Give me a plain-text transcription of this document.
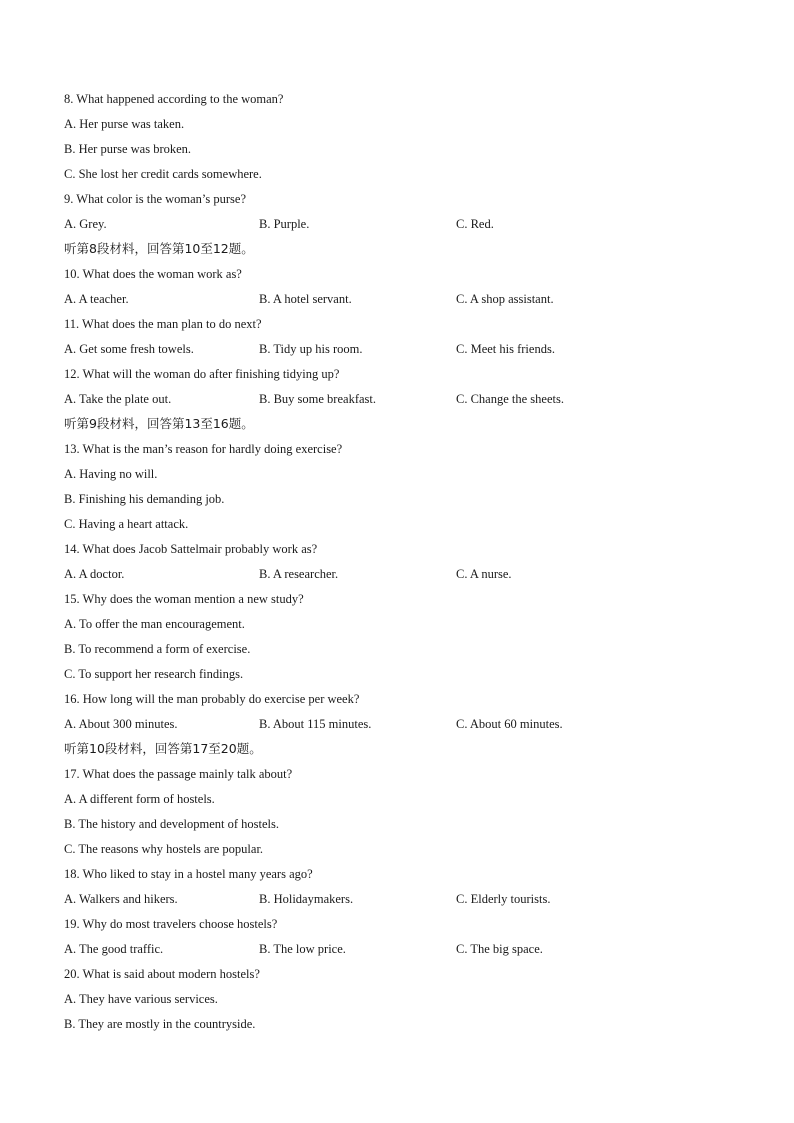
8. What happened according to the woman?
A. Her purse was taken.
B. Her purse was broken.
C. She lost her credit cards somewhere.
9. What color is the woman’s purse?
A. Grey.	B. Purple.	C. Red.
听第8段材料，回答第10至12题。
10. What does the woman work as?
A. A teacher.	B. A hotel servant.	C. A shop assistant.
11. What does the man plan to do next?
A. Get some fresh towels.	B. Tidy up his room.	C. Meet his friends.
12. What will the woman do after finishing tidying up?
A. Take the plate out.	B. Buy some breakfast.	C. Change the sheets.
听第9段材料，回答第13至16题。
13. What is the man’s reason for hardly doing exercise?
A. Having no will.
B. Finishing his demanding job.
C. Having a heart attack.
14. What does Jacob Sattelmair probably work as?
A. A doctor.	B. A researcher.	C. A nurse.
15. Why does the woman mention a new study?
A. To offer the man encouragement.
B. To recommend a form of exercise.
C. To support her research findings.
16. How long will the man probably do exercise per week?
A. About 300 minutes.	B. About 115 minutes.	C. About 60 minutes.
听第10段材料，回答第17至20题。
17. What does the passage mainly talk about?
A. A different form of hostels.
B. The history and development of hostels.
C. The reasons why hostels are popular.
18. Who liked to stay in a hostel many years ago?
A. Walkers and hikers.	B. Holidaymakers.	C. Elderly tourists.
19. Why do most travelers choose hostels?
A. The good traffic.	B. The low price.	C. The big space.
20. What is said about modern hostels?
A. They have various services.
B. They are mostly in the countryside.
